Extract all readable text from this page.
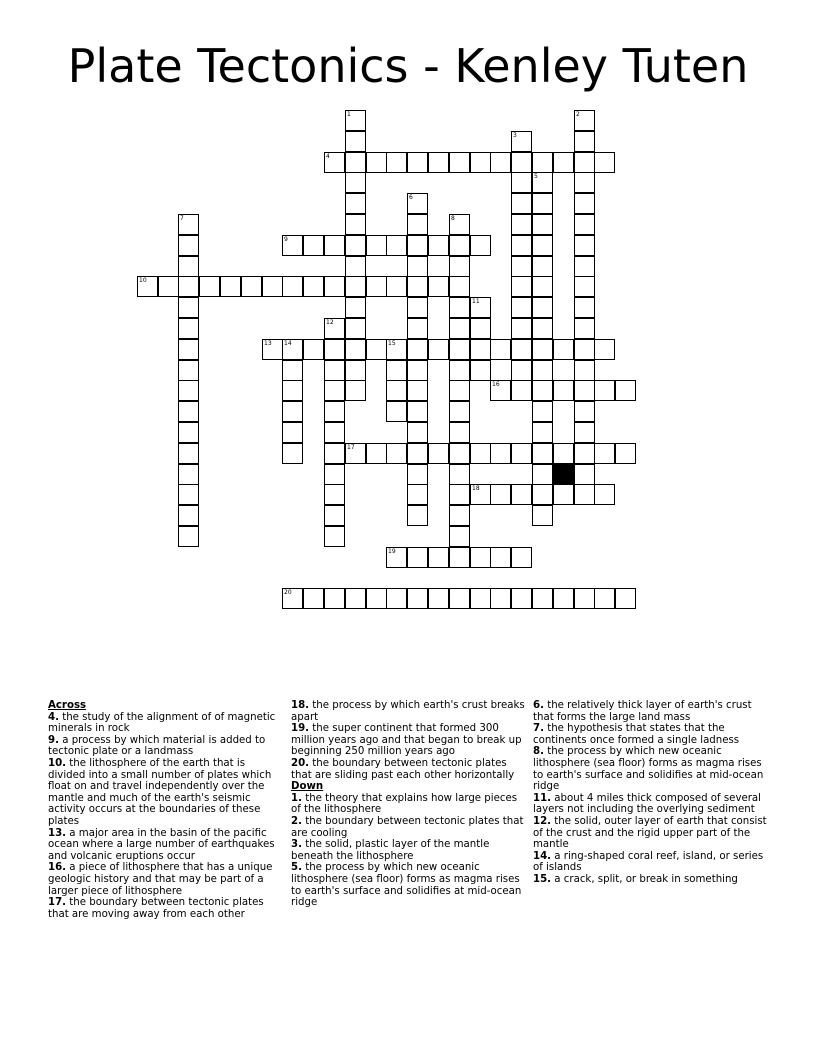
Plate Tectonics - Kenley Tuten
1	2
3
4
5
6
7	8
9
10
11
12
13 14	15
16
17
18
19
20
Across
4. the study of the alignment of of magnetic minerals in rock
9. a process by which material is added to tectonic plate or a landmass
10. the lithosphere of the earth that is divided into a small number of plates which float on and travel independently over the mantle and much of the earth's seismic activity occurs at the boundaries of these plates
13. a major area in the basin of the pacific ocean where a large number of earthquakes and volcanic eruptions occur
16. a piece of lithosphere that has a unique geologic history and that may be part of a larger piece of lithosphere
17. the boundary between tectonic plates that are moving away from each other
18. the process by which earth's crust breaks apart
19. the super continent that formed 300 million years ago and that began to break up beginning 250 million years ago
20. the boundary between tectonic plates that are sliding past each other horizontally
Down
1. the theory that explains how large pieces of the lithosphere
2. the boundary between tectonic plates that are cooling
3. the solid, plastic layer of the mantle beneath the lithosphere
5. the process by which new oceanic lithosphere (sea floor) forms as magma rises to earth's surface and solidifies at mid-ocean ridge
6. the relatively thick layer of earth's crust that forms the large land mass
7. the hypothesis that states that the continents once formed a single ladness
8. the process by which new oceanic lithosphere (sea floor) forms as magma rises to earth's surface and solidifies at mid-ocean ridge
11. about 4 miles thick composed of several layers not including the overlying sediment
12. the solid, outer layer of earth that consist of the crust and the rigid upper part of the mantle
14. a ring-shaped coral reef, island, or series of islands
15. a crack, split, or break in something
